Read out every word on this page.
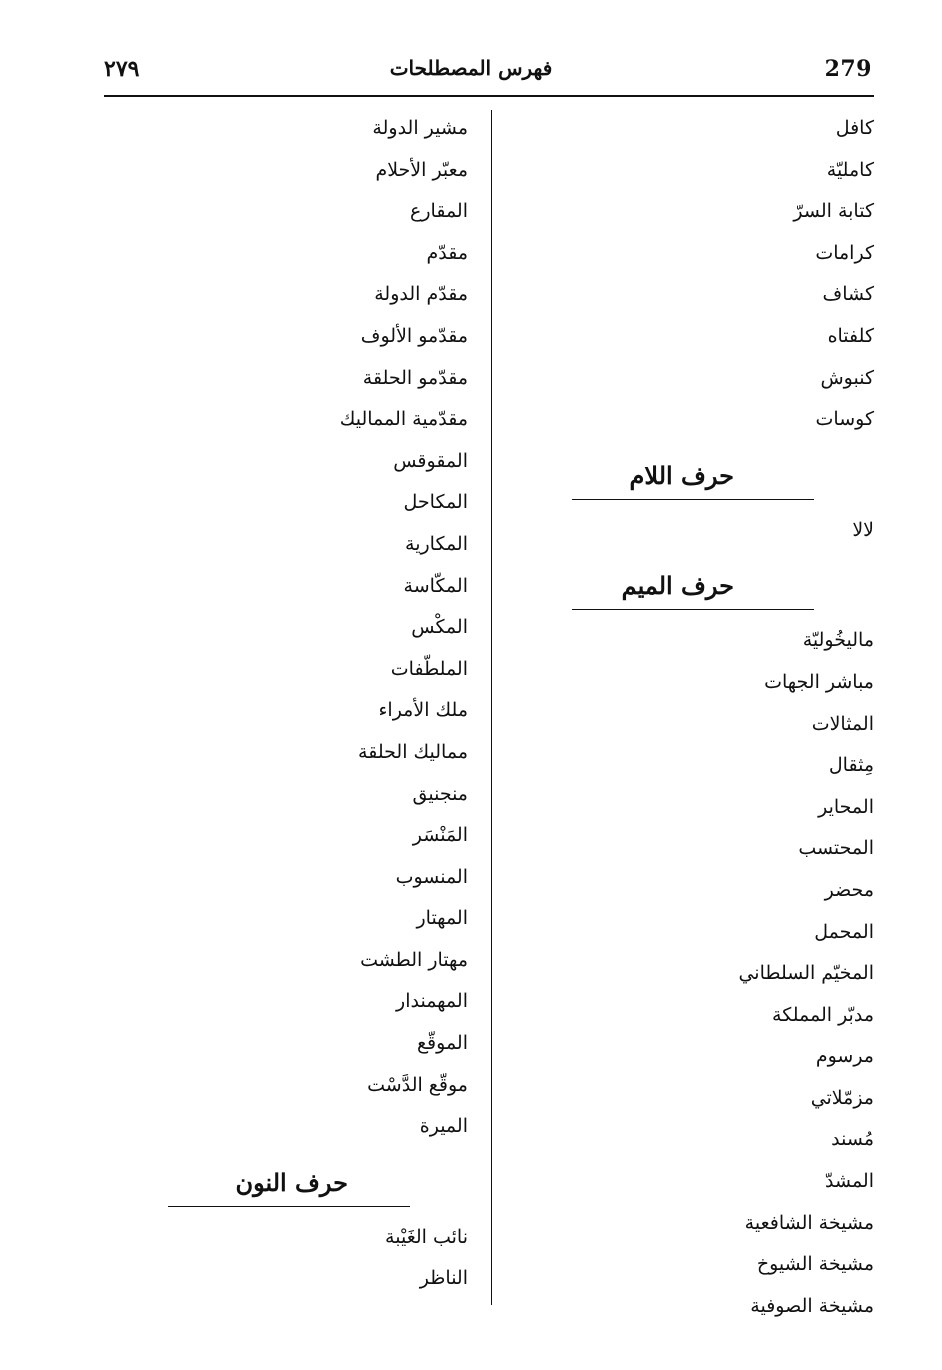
279
فهرس المصطلحات
٢٧٩
كافل
كامليّة
كتابة السرّ
كرامات
كشاف
كلفتاه
كنبوش
كوسات
حرف اللام
لالا
حرف الميم
ماليخُوليّة
مباشر الجهات
المثالات
مِثقال
المحاير
المحتسب
محضر
المحمل
المخيّم السلطاني
مدبّر المملكة
مرسوم
مزمّلاتي
مُسند
المشدّ
مشيخة الشافعية
مشيخة الشيوخ
مشيخة الصوفية
مشير الدولة
معبّر الأحلام
المقارع
مقدّم
مقدّم الدولة
مقدّمو الألوف
مقدّمو الحلقة
مقدّمية المماليك
المقوقس
المكاحل
المكارية
المكّاسة
المكْس
الملطّفات
ملك الأمراء
مماليك الحلقة
منجنيق
المَنْسَر
المنسوب
المهتار
مهتار الطشت
المهمندار
الموقّع
موقّع الدَّسْت
الميرة
حرف النون
نائب الغَيْبة
الناظر
